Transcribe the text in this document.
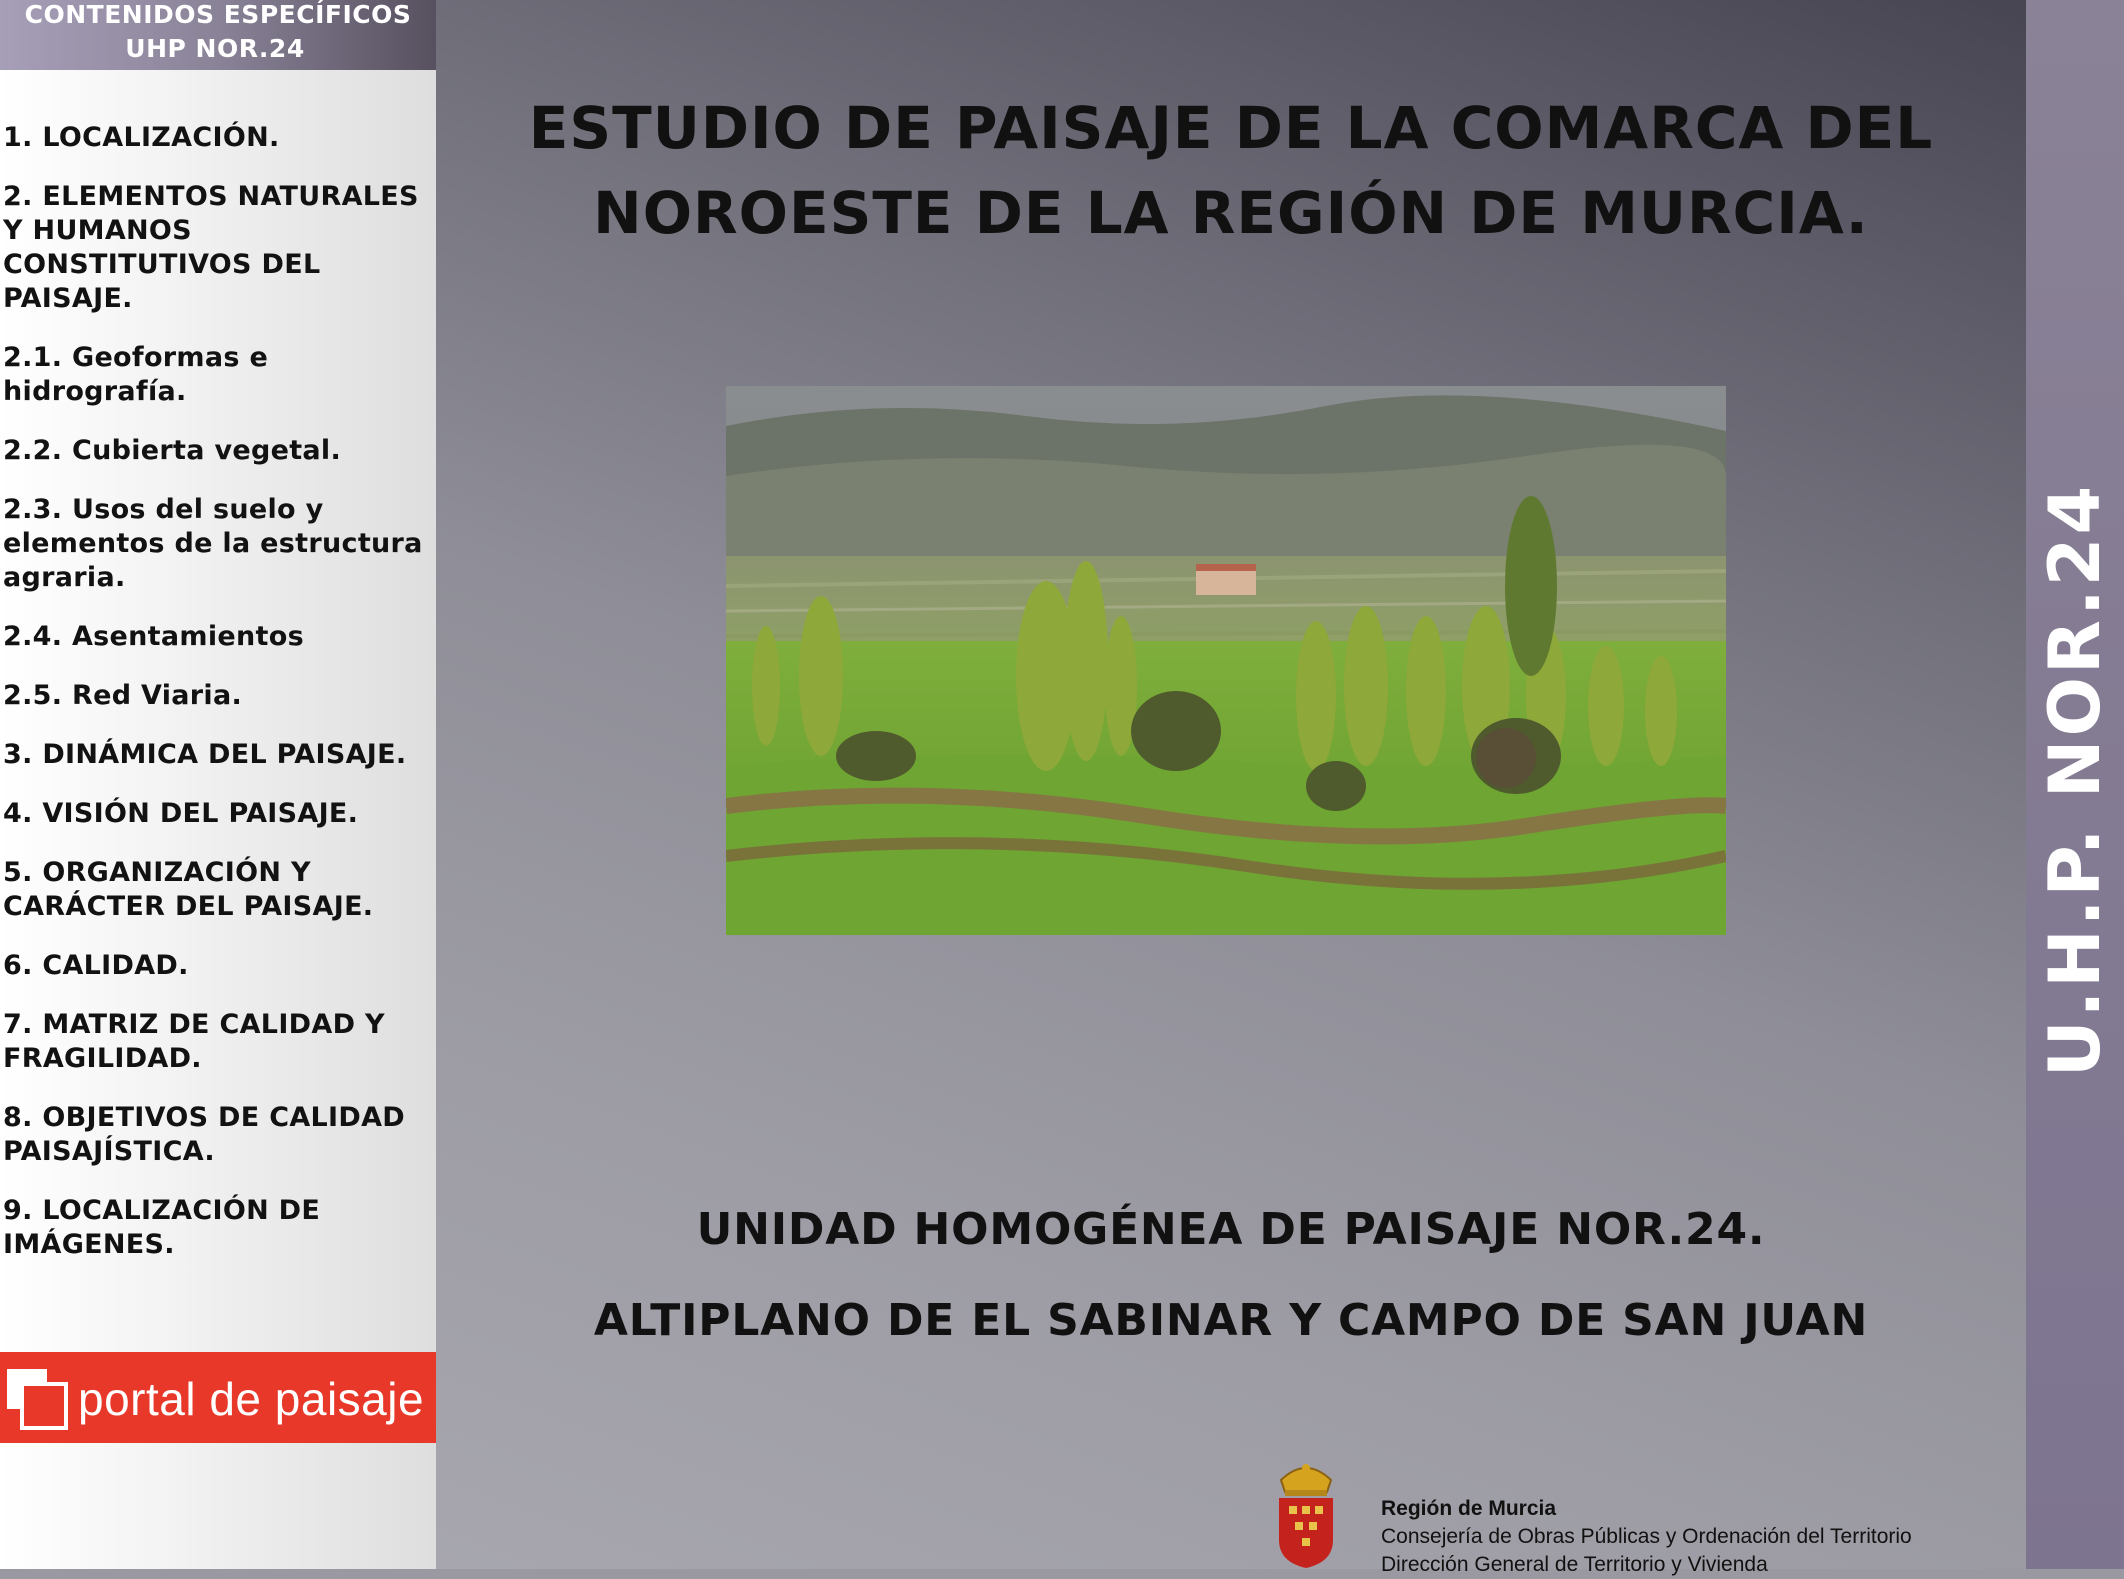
CONTENIDOS ESPECÍFICOS
UHP NOR.24
1. LOCALIZACIÓN.
2. ELEMENTOS NATURALES Y HUMANOS CONSTITUTIVOS DEL PAISAJE.
2.1. Geoformas e hidrografía.
2.2. Cubierta vegetal.
2.3. Usos del suelo y elementos de la estructura agraria.
2.4. Asentamientos
2.5. Red Viaria.
3. DINÁMICA DEL PAISAJE.
4. VISIÓN DEL PAISAJE.
5. ORGANIZACIÓN Y CARÁCTER DEL PAISAJE.
6. CALIDAD.
7. MATRIZ DE CALIDAD Y FRAGILIDAD.
8. OBJETIVOS DE CALIDAD PAISAJÍSTICA.
9. LOCALIZACIÓN DE IMÁGENES.
portal de paisaje
ESTUDIO DE PAISAJE DE LA COMARCA DEL
NOROESTE DE LA REGIÓN DE MURCIA.
UNIDAD HOMOGÉNEA DE PAISAJE NOR.24.
ALTIPLANO DE EL SABINAR Y CAMPO DE SAN JUAN
Región de Murcia
Consejería de Obras Públicas y Ordenación del Territorio
Dirección General de Territorio y Vivienda
U.H.P. NOR.24
